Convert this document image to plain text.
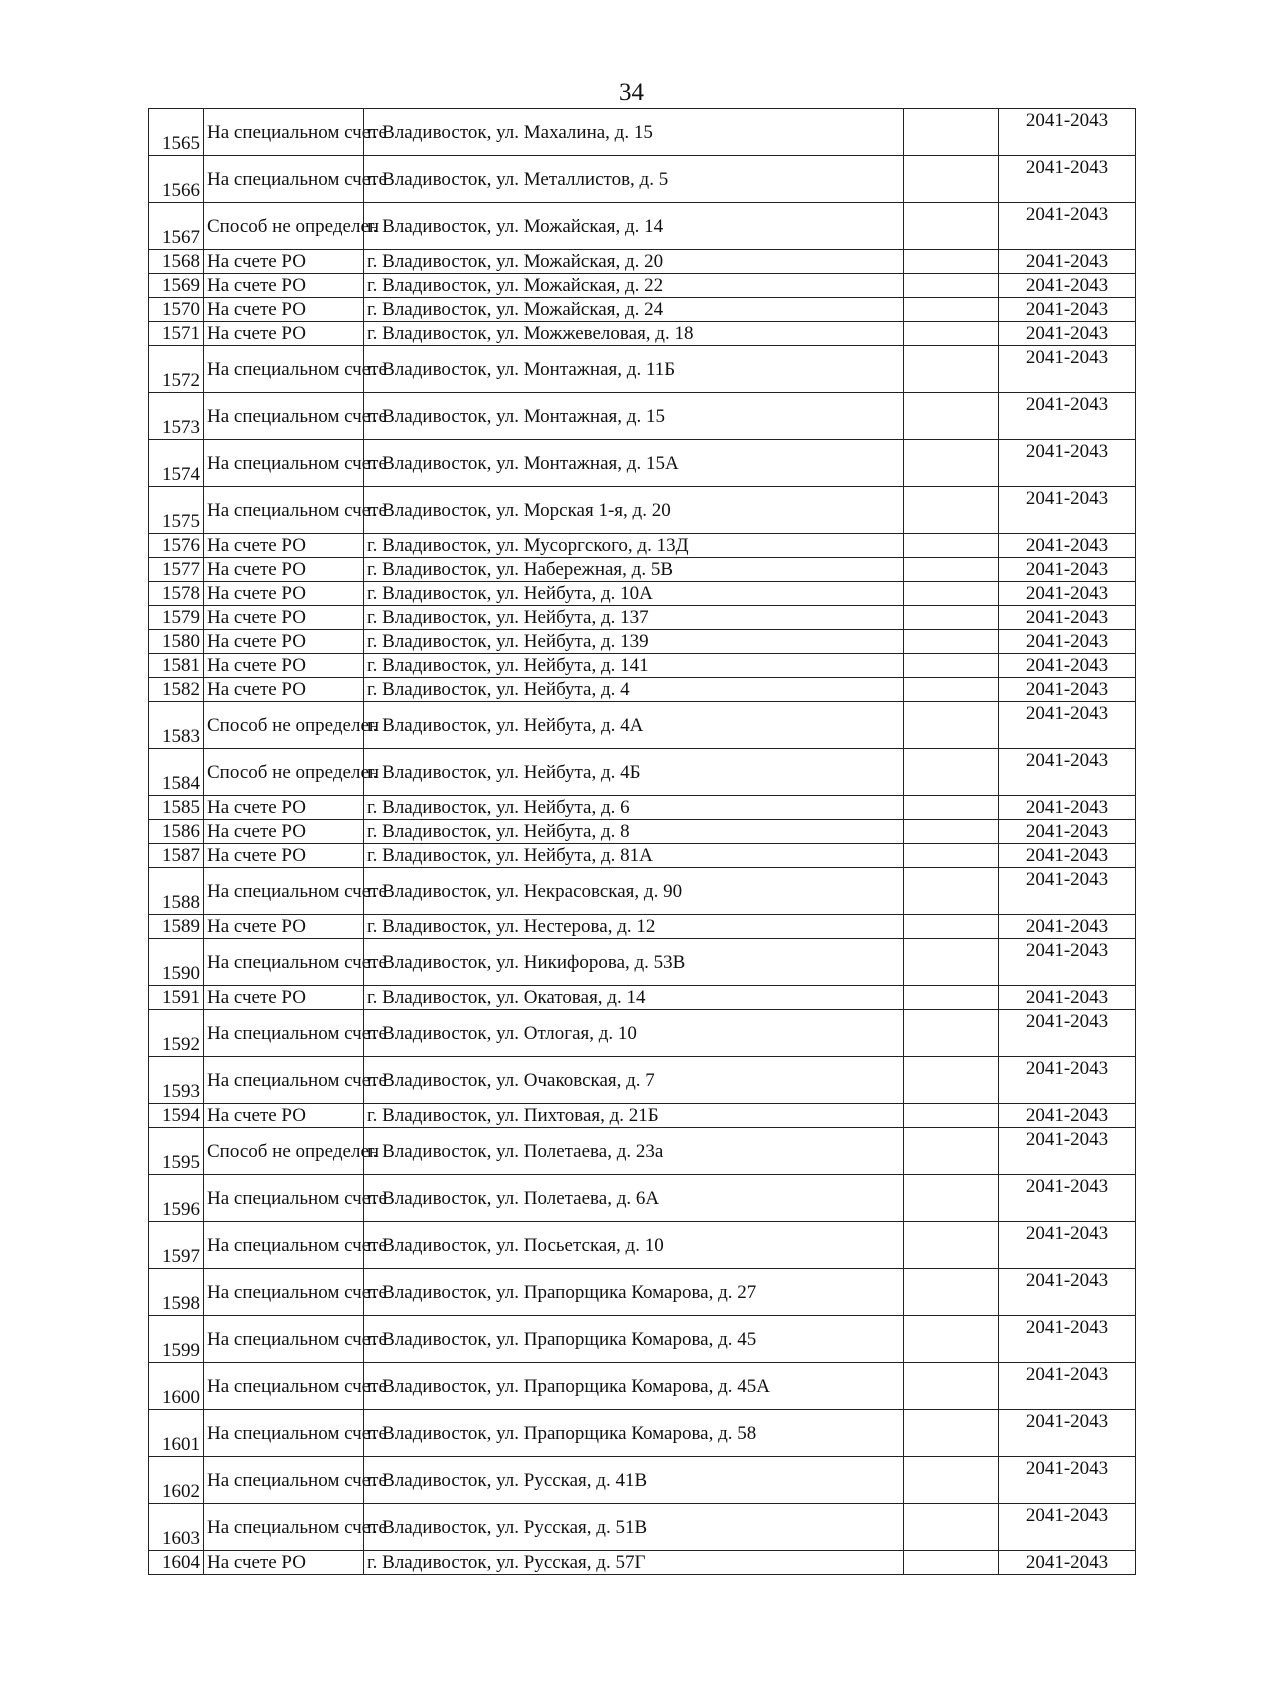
34
1565	На специальном счете	г. Владивосток, ул. Махалина, д. 15		2041-2043
1566	На специальном счете	г. Владивосток, ул. Металлистов, д. 5		2041-2043
1567	Способ не определен	г. Владивосток, ул. Можайская, д. 14		2041-2043
1568	На счете РО	г. Владивосток, ул. Можайская, д. 20		2041-2043
1569	На счете РО	г. Владивосток, ул. Можайская, д. 22		2041-2043
1570	На счете РО	г. Владивосток, ул. Можайская, д. 24		2041-2043
1571	На счете РО	г. Владивосток, ул. Можжевеловая, д. 18		2041-2043
1572	На специальном счете	г. Владивосток, ул. Монтажная, д. 11Б		2041-2043
1573	На специальном счете	г. Владивосток, ул. Монтажная, д. 15		2041-2043
1574	На специальном счете	г. Владивосток, ул. Монтажная, д. 15А		2041-2043
1575	На специальном счете	г. Владивосток, ул. Морская 1-я, д. 20		2041-2043
1576	На счете РО	г. Владивосток, ул. Мусоргского, д. 13Д		2041-2043
1577	На счете РО	г. Владивосток, ул. Набережная, д. 5В		2041-2043
1578	На счете РО	г. Владивосток, ул. Нейбута, д. 10А		2041-2043
1579	На счете РО	г. Владивосток, ул. Нейбута, д. 137		2041-2043
1580	На счете РО	г. Владивосток, ул. Нейбута, д. 139		2041-2043
1581	На счете РО	г. Владивосток, ул. Нейбута, д. 141		2041-2043
1582	На счете РО	г. Владивосток, ул. Нейбута, д. 4		2041-2043
1583	Способ не определен	г. Владивосток, ул. Нейбута, д. 4А		2041-2043
1584	Способ не определен	г. Владивосток, ул. Нейбута, д. 4Б		2041-2043
1585	На счете РО	г. Владивосток, ул. Нейбута, д. 6		2041-2043
1586	На счете РО	г. Владивосток, ул. Нейбута, д. 8		2041-2043
1587	На счете РО	г. Владивосток, ул. Нейбута, д. 81А		2041-2043
1588	На специальном счете	г. Владивосток, ул. Некрасовская, д. 90		2041-2043
1589	На счете РО	г. Владивосток, ул. Нестерова, д. 12		2041-2043
1590	На специальном счете	г. Владивосток, ул. Никифорова, д. 53В		2041-2043
1591	На счете РО	г. Владивосток, ул. Окатовая, д. 14		2041-2043
1592	На специальном счете	г. Владивосток, ул. Отлогая, д. 10		2041-2043
1593	На специальном счете	г. Владивосток, ул. Очаковская, д. 7		2041-2043
1594	На счете РО	г. Владивосток, ул. Пихтовая, д. 21Б		2041-2043
1595	Способ не определен	г. Владивосток, ул. Полетаева, д. 23а		2041-2043
1596	На специальном счете	г. Владивосток, ул. Полетаева, д. 6А		2041-2043
1597	На специальном счете	г. Владивосток, ул. Посьетская, д. 10		2041-2043
1598	На специальном счете	г. Владивосток, ул. Прапорщика Комарова, д. 27		2041-2043
1599	На специальном счете	г. Владивосток, ул. Прапорщика Комарова, д. 45		2041-2043
1600	На специальном счете	г. Владивосток, ул. Прапорщика Комарова, д. 45А		2041-2043
1601	На специальном счете	г. Владивосток, ул. Прапорщика Комарова, д. 58		2041-2043
1602	На специальном счете	г. Владивосток, ул. Русская, д. 41В		2041-2043
1603	На специальном счете	г. Владивосток, ул. Русская, д. 51В		2041-2043
1604	На счете РО	г. Владивосток, ул. Русская, д. 57Г		2041-2043
